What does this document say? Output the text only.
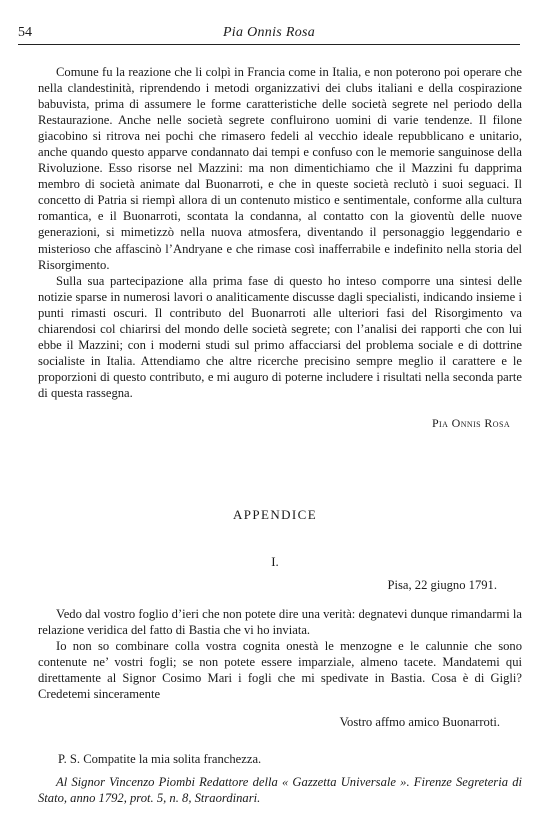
54	Pia Onnis Rosa

Comune fu la reazione che li colpì in Francia come in Italia, e non poterono poi operare che nella clandestinità, riprendendo i metodi organizzativi dei clubs italiani e della cospirazione babuvista, prima di assumere le forme caratteristiche delle società segrete nel periodo della Restaurazione. Anche nelle società segrete confluirono uomini di varie tendenze. Il filone giacobino si ritrova nei pochi che rimasero fedeli al vecchio ideale repubblicano e unitario, anche quando questo apparve condannato dai tempi e confuso con le memorie sanguinose della Rivoluzione. Esso risorse nel Mazzini: ma non dimentichiamo che il Mazzini fu dapprima membro di società animate dal Buonarroti, e che in queste società reclutò i suoi seguaci. Il concetto di Patria si riempì allora di un contenuto mistico e sentimentale, conforme alla cultura romantica, e il Buonarroti, scontata la condanna, al contatto con la gioventù delle nuove generazioni, si mimetizzò nella nuova atmosfera, diventando il personaggio leggendario e misterioso che affascinò l’Andryane e che rimase così inafferrabile e indefinito nella storia del Risorgimento.

Sulla sua partecipazione alla prima fase di questo ho inteso comporre una sintesi delle notizie sparse in numerosi lavori o analiticamente discusse dagli specialisti, indicando insieme i punti rimasti oscuri. Il contributo del Buonarroti alle ulteriori fasi del Risorgimento va chiarendosi col chiarirsi del mondo delle società segrete; con l’analisi dei rapporti che con lui ebbe il Mazzini; con i moderni studi sul primo affacciarsi del problema sociale e di dottrine socialiste in Italia. Attendiamo che altre ricerche precisino sempre meglio il carattere e le proporzioni di questo contributo, e mi auguro di poterne includere i risultati nella seconda parte di questa rassegna.

Pia Onnis Rosa
APPENDICE
I.
Pisa, 22 giugno 1791.

Vedo dal vostro foglio d’ieri che non potete dire una verità: degnatevi dunque rimandarmi la relazione veridica del fatto di Bastia che vi ho inviata.

Io non so combinare colla vostra cognita onestà le menzogne e le calunnie che sono contenute ne’ vostri fogli; se non potete essere imparziale, almeno tacete. Mandatemi qui direttamente al Signor Cosimo Mari i fogli che mi spedivate in Bastia. Cosa è di Gigli? Credetemi sinceramente

Vostro affmo amico Buonarroti.
P. S. Compatite la mia solita franchezza.
Al Signor Vincenzo Piombi Redattore della « Gazzetta Universale ». Firenze Segreteria di Stato, anno 1792, prot. 5, n. 8, Straordinari.
